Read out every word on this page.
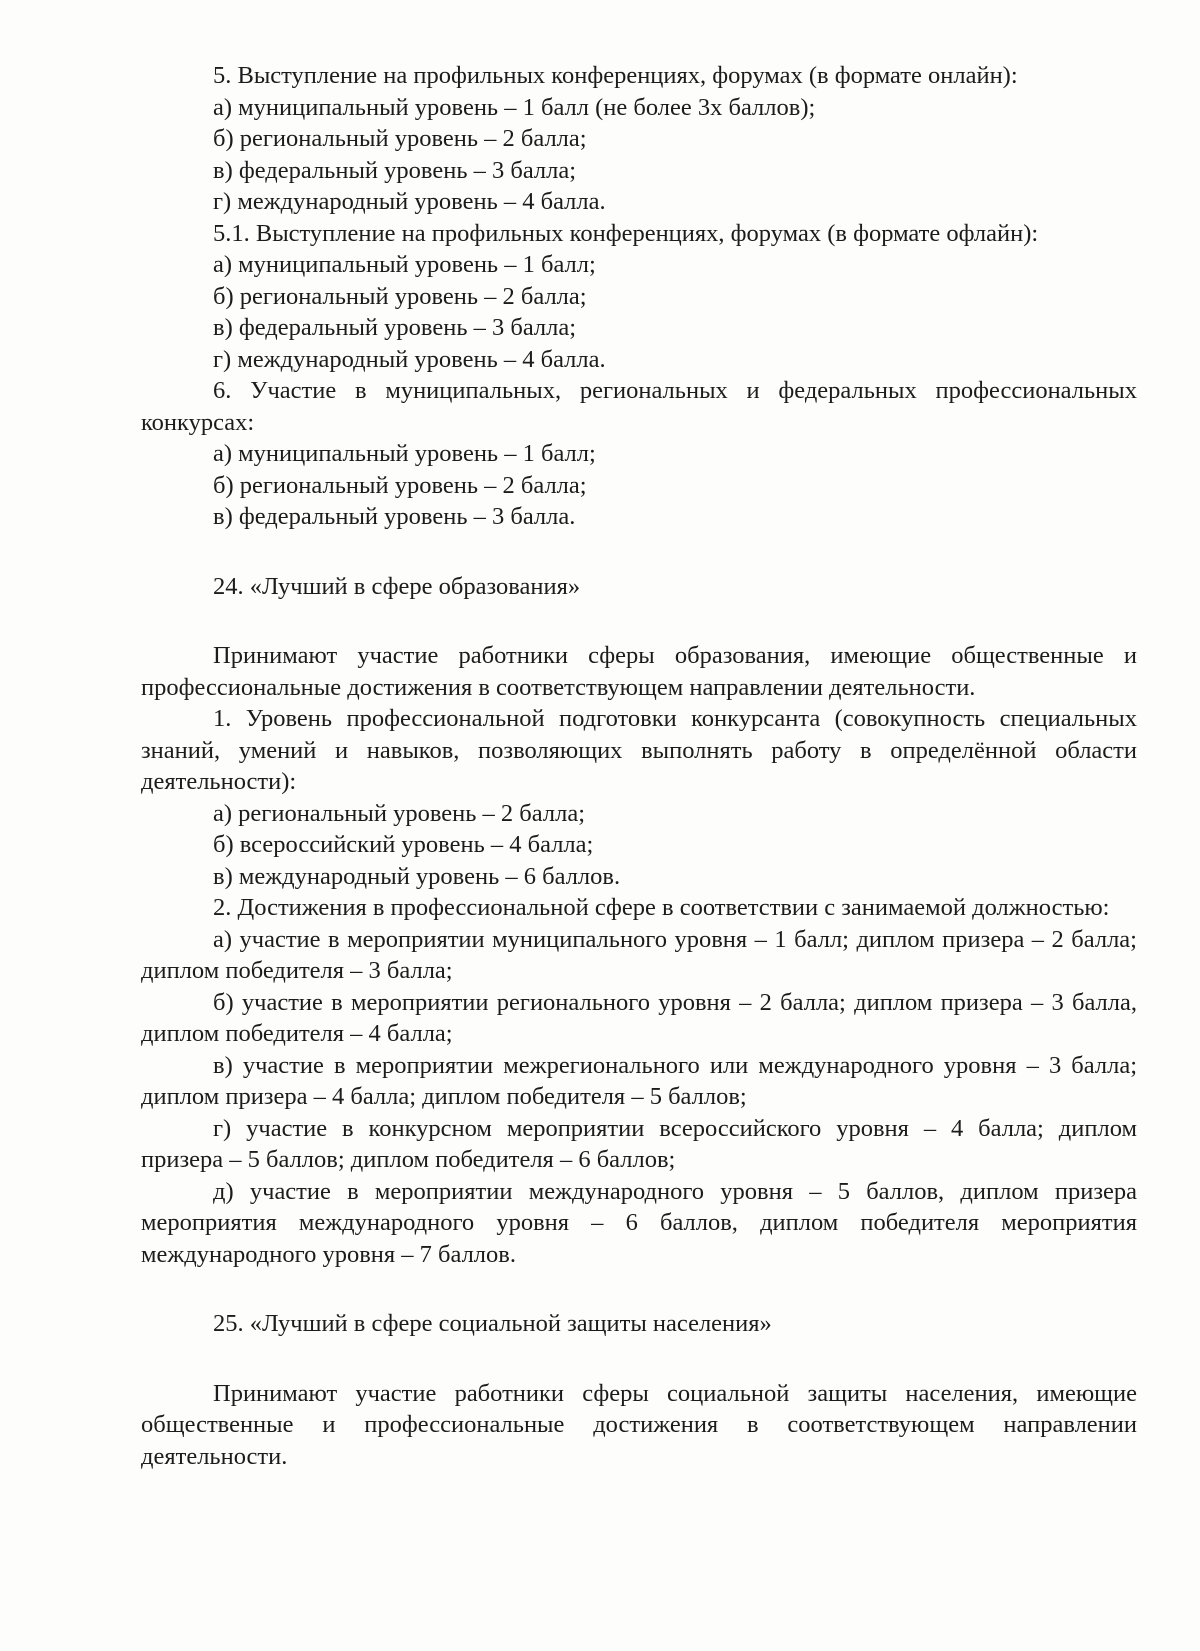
5. Выступление на профильных конференциях, форумах (в формате онлайн):

а) муниципальный уровень – 1 балл (не более 3х баллов);

б) региональный уровень – 2 балла;

в) федеральный уровень – 3 балла;

г) международный уровень – 4 балла.

5.1. Выступление на профильных конференциях, форумах (в формате офлайн):

а) муниципальный уровень – 1 балл;

б) региональный уровень – 2 балла;

в) федеральный уровень – 3 балла;

г) международный уровень – 4 балла.

6. Участие в муниципальных, региональных и федеральных профессиональных конкурсах:

а) муниципальный уровень – 1 балл;

б) региональный уровень – 2 балла;

в) федеральный уровень – 3 балла.

24. «Лучший в сфере образования»

Принимают участие работники сферы образования, имеющие общественные и профессиональные достижения в соответствующем направлении деятельности.

1. Уровень профессиональной подготовки конкурсанта (совокупность специальных знаний, умений и навыков, позволяющих выполнять работу в определённой области деятельности):

а) региональный уровень – 2 балла;

б) всероссийский уровень – 4 балла;

в) международный уровень – 6 баллов.

2. Достижения в профессиональной сфере в соответствии с занимаемой должностью:

а) участие в мероприятии муниципального уровня – 1 балл; диплом призера – 2 балла; диплом победителя – 3 балла;

б) участие в мероприятии регионального уровня – 2 балла; диплом призера – 3 балла, диплом победителя – 4 балла;

в) участие в мероприятии межрегионального или международного уровня – 3 балла; диплом призера – 4 балла; диплом победителя – 5 баллов;

г) участие в конкурсном мероприятии всероссийского уровня – 4 балла; диплом призера – 5 баллов; диплом победителя – 6 баллов;

д) участие в мероприятии международного уровня – 5 баллов, диплом призера мероприятия международного уровня – 6 баллов, диплом победителя мероприятия международного уровня – 7 баллов.

25. «Лучший в сфере социальной защиты населения»

Принимают участие работники сферы социальной защиты населения, имеющие общественные и профессиональные достижения в соответствующем направлении деятельности.
